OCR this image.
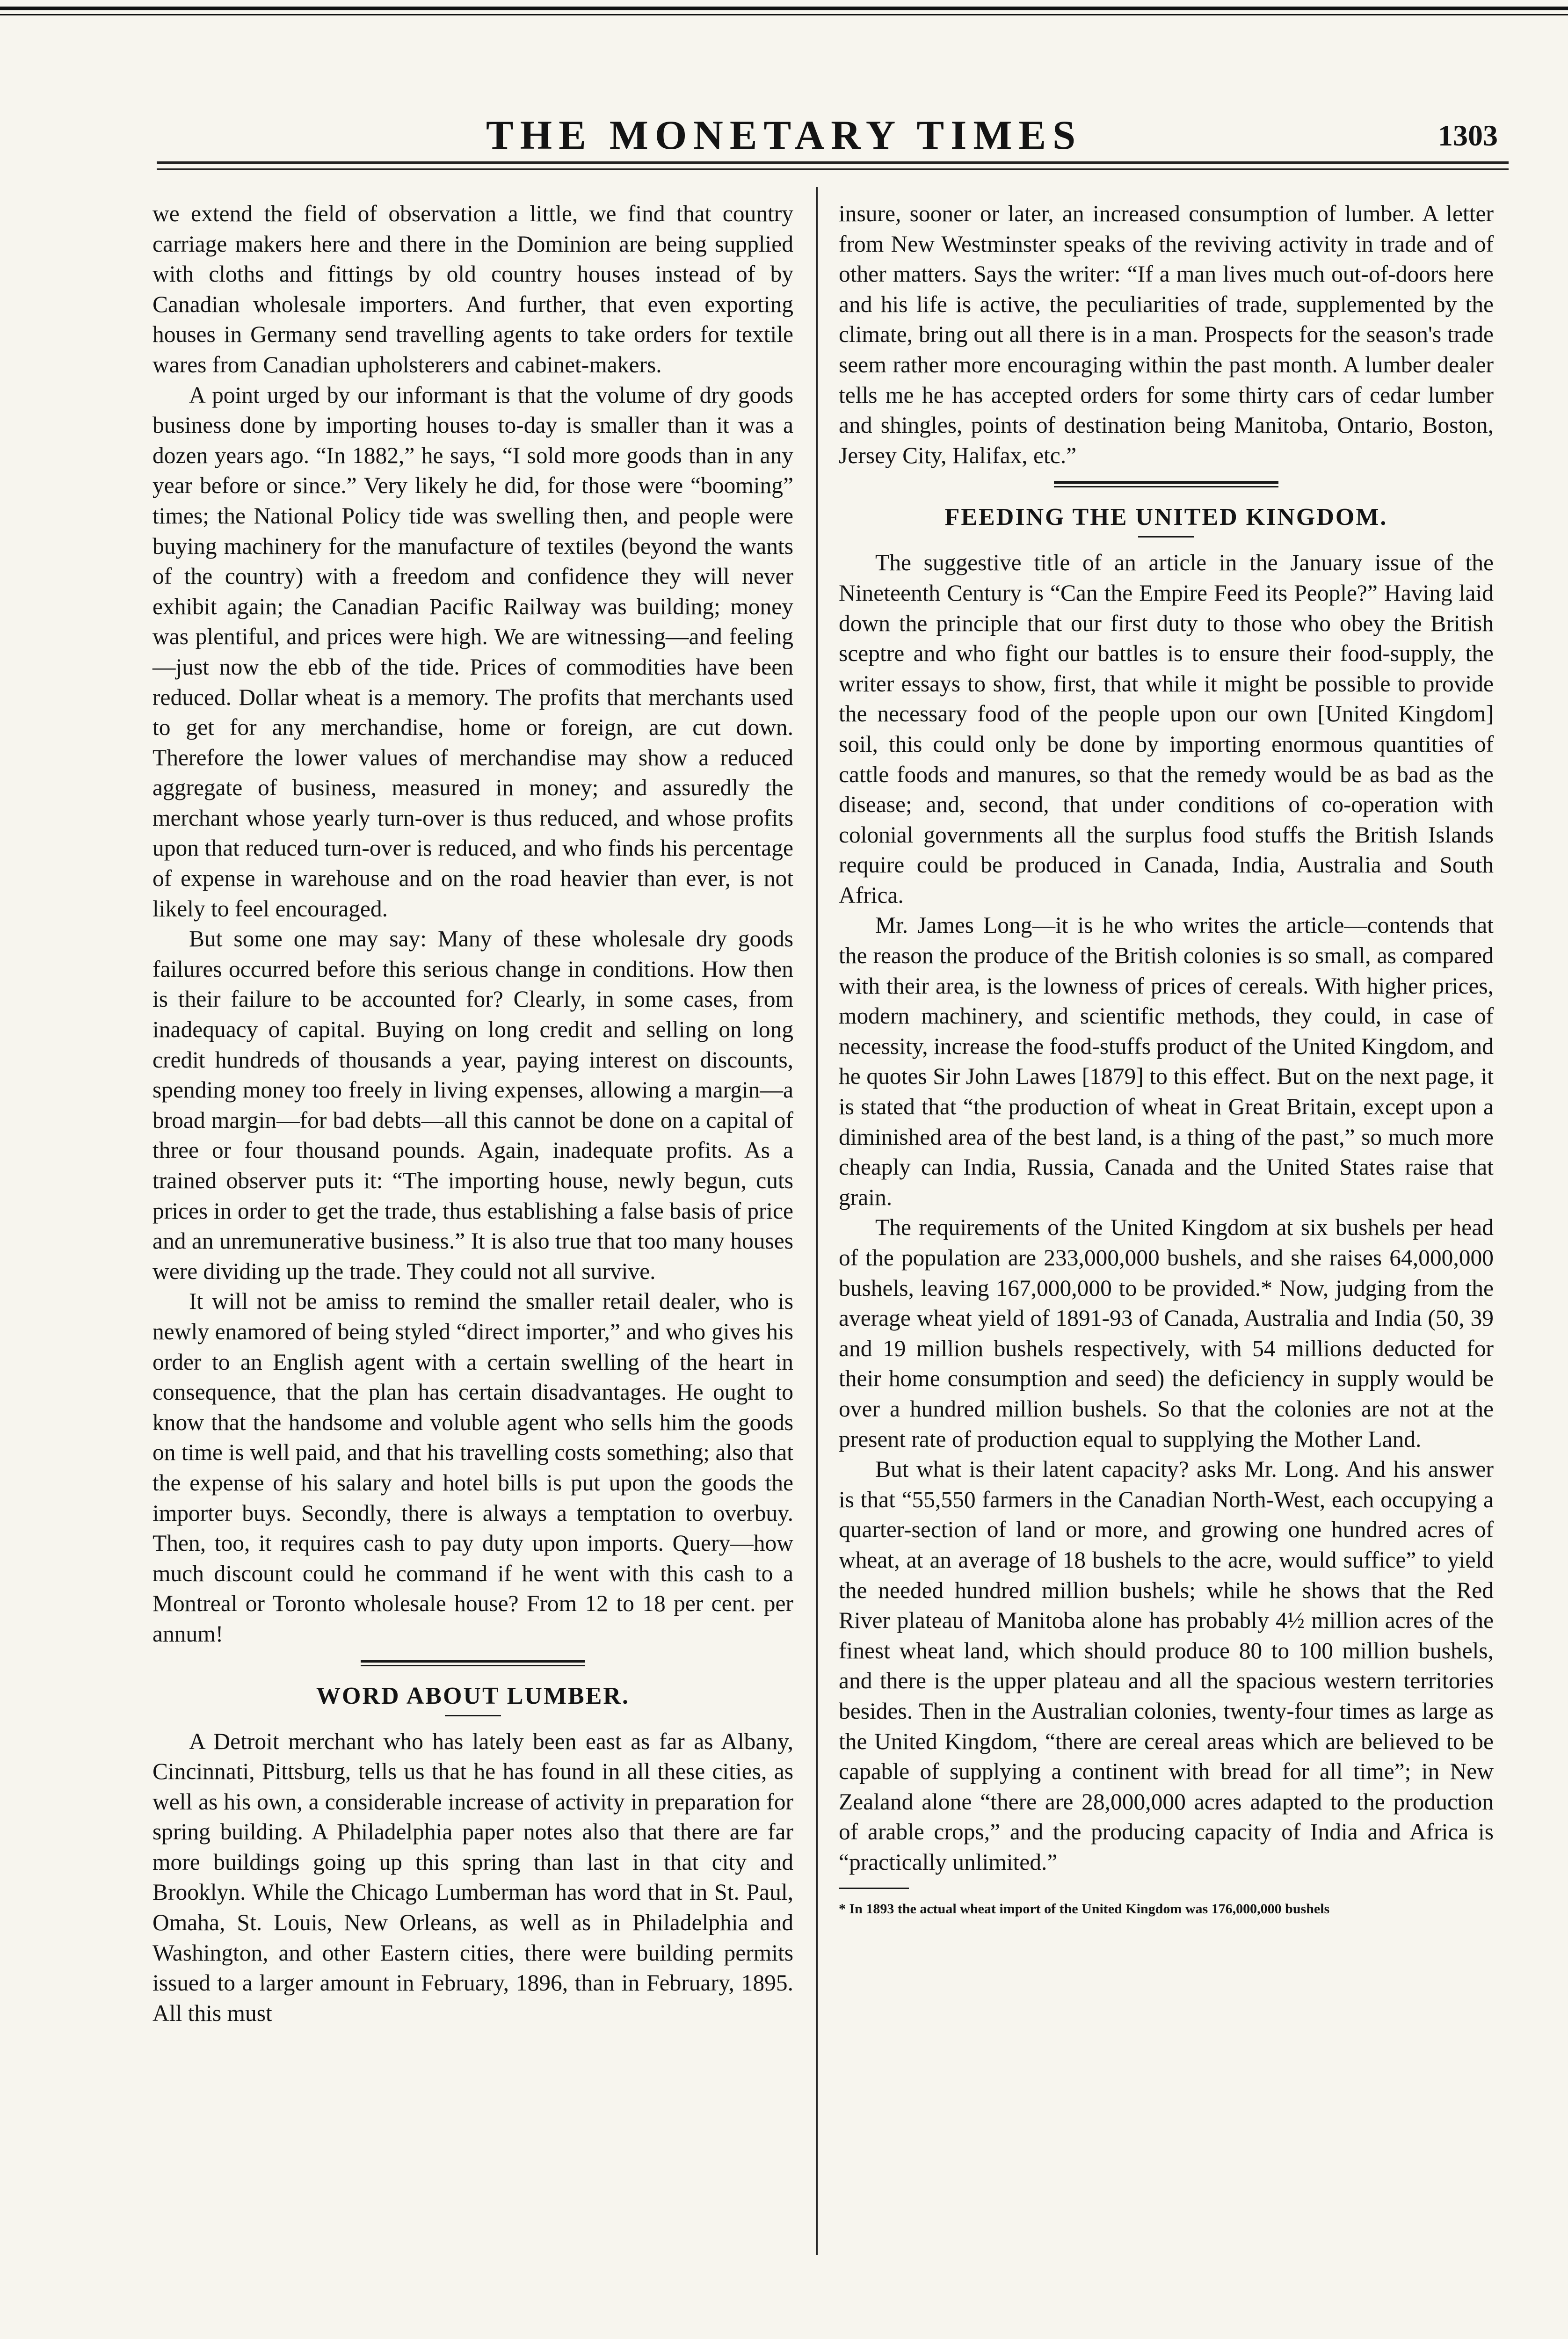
THE MONETARY TIMES	1303

we extend the field of observation a little, we find that country carriage makers here and there in the Dominion are being supplied with cloths and fittings by old country houses instead of by Canadian wholesale importers. And further, that even exporting houses in Germany send travelling agents to take orders for textile wares from Canadian upholsterers and cabinet-makers.

A point urged by our informant is that the volume of dry goods business done by importing houses to-day is smaller than it was a dozen years ago. “In 1882,” he says, “I sold more goods than in any year before or since.” Very likely he did, for those were “booming” times; the National Policy tide was swelling then, and people were buying machinery for the manufacture of textiles (beyond the wants of the country) with a freedom and confidence they will never exhibit again; the Canadian Pacific Railway was building; money was plentiful, and prices were high. We are witnessing—and feeling—just now the ebb of the tide. Prices of commodities have been reduced. Dollar wheat is a memory. The profits that merchants used to get for any merchandise, home or foreign, are cut down. Therefore the lower values of merchandise may show a reduced aggregate of business, measured in money; and assuredly the merchant whose yearly turn-over is thus reduced, and whose profits upon that reduced turn-over is reduced, and who finds his percentage of expense in warehouse and on the road heavier than ever, is not likely to feel encouraged.

But some one may say: Many of these wholesale dry goods failures occurred before this serious change in conditions. How then is their failure to be accounted for? Clearly, in some cases, from inadequacy of capital. Buying on long credit and selling on long credit hundreds of thousands a year, paying interest on discounts, spending money too freely in living expenses, allowing a margin—a broad margin—for bad debts—all this cannot be done on a capital of three or four thousand pounds. Again, inadequate profits. As a trained observer puts it: “The importing house, newly begun, cuts prices in order to get the trade, thus establishing a false basis of price and an unremunerative business.” It is also true that too many houses were dividing up the trade. They could not all survive.

It will not be amiss to remind the smaller retail dealer, who is newly enamored of being styled “direct importer,” and who gives his order to an English agent with a certain swelling of the heart in consequence, that the plan has certain disadvantages. He ought to know that the handsome and voluble agent who sells him the goods on time is well paid, and that his travelling costs something; also that the expense of his salary and hotel bills is put upon the goods the importer buys. Secondly, there is always a temptation to overbuy. Then, too, it requires cash to pay duty upon imports. Query—how much discount could he command if he went with this cash to a Montreal or Toronto wholesale house? From 12 to 18 per cent. per annum!

WORD ABOUT LUMBER.

A Detroit merchant who has lately been east as far as Albany, Cincinnati, Pittsburg, tells us that he has found in all these cities, as well as his own, a considerable increase of activity in preparation for spring building. A Philadelphia paper notes also that there are far more buildings going up this spring than last in that city and Brooklyn. While the Chicago Lumberman has word that in St. Paul, Omaha, St. Louis, New Orleans, as well as in Philadelphia and Washington, and other Eastern cities, there were building permits issued to a larger amount in February, 1896, than in February, 1895. All this must

insure, sooner or later, an increased consumption of lumber. A letter from New Westminster speaks of the reviving activity in trade and of other matters. Says the writer: “If a man lives much out-of-doors here and his life is active, the peculiarities of trade, supplemented by the climate, bring out all there is in a man. Prospects for the season's trade seem rather more encouraging within the past month. A lumber dealer tells me he has accepted orders for some thirty cars of cedar lumber and shingles, points of destination being Manitoba, Ontario, Boston, Jersey City, Halifax, etc.”

FEEDING THE UNITED KINGDOM.

The suggestive title of an article in the January issue of the Nineteenth Century is “Can the Empire Feed its People?” Having laid down the principle that our first duty to those who obey the British sceptre and who fight our battles is to ensure their food-supply, the writer essays to show, first, that while it might be possible to provide the necessary food of the people upon our own [United Kingdom] soil, this could only be done by importing enormous quantities of cattle foods and manures, so that the remedy would be as bad as the disease; and, second, that under conditions of co-operation with colonial governments all the surplus food stuffs the British Islands require could be produced in Canada, India, Australia and South Africa.

Mr. James Long—it is he who writes the article—contends that the reason the produce of the British colonies is so small, as compared with their area, is the lowness of prices of cereals. With higher prices, modern machinery, and scientific methods, they could, in case of necessity, increase the food-stuffs product of the United Kingdom, and he quotes Sir John Lawes [1879] to this effect. But on the next page, it is stated that “the production of wheat in Great Britain, except upon a diminished area of the best land, is a thing of the past,” so much more cheaply can India, Russia, Canada and the United States raise that grain.

The requirements of the United Kingdom at six bushels per head of the population are 233,000,000 bushels, and she raises 64,000,000 bushels, leaving 167,000,000 to be provided.* Now, judging from the average wheat yield of 1891-93 of Canada, Australia and India (50, 39 and 19 million bushels respectively, with 54 millions deducted for their home consumption and seed) the deficiency in supply would be over a hundred million bushels. So that the colonies are not at the present rate of production equal to supplying the Mother Land.

But what is their latent capacity? asks Mr. Long. And his answer is that “55,550 farmers in the Canadian North-West, each occupying a quarter-section of land or more, and growing one hundred acres of wheat, at an average of 18 bushels to the acre, would suffice” to yield the needed hundred million bushels; while he shows that the Red River plateau of Manitoba alone has probably 4½ million acres of the finest wheat land, which should produce 80 to 100 million bushels, and there is the upper plateau and all the spacious western territories besides. Then in the Australian colonies, twenty-four times as large as the United Kingdom, “there are cereal areas which are believed to be capable of supplying a continent with bread for all time”; in New Zealand alone “there are 28,000,000 acres adapted to the production of arable crops,” and the producing capacity of India and Africa is “practically unlimited.”

* In 1893 the actual wheat import of the United Kingdom was 176,000,000 bushels
